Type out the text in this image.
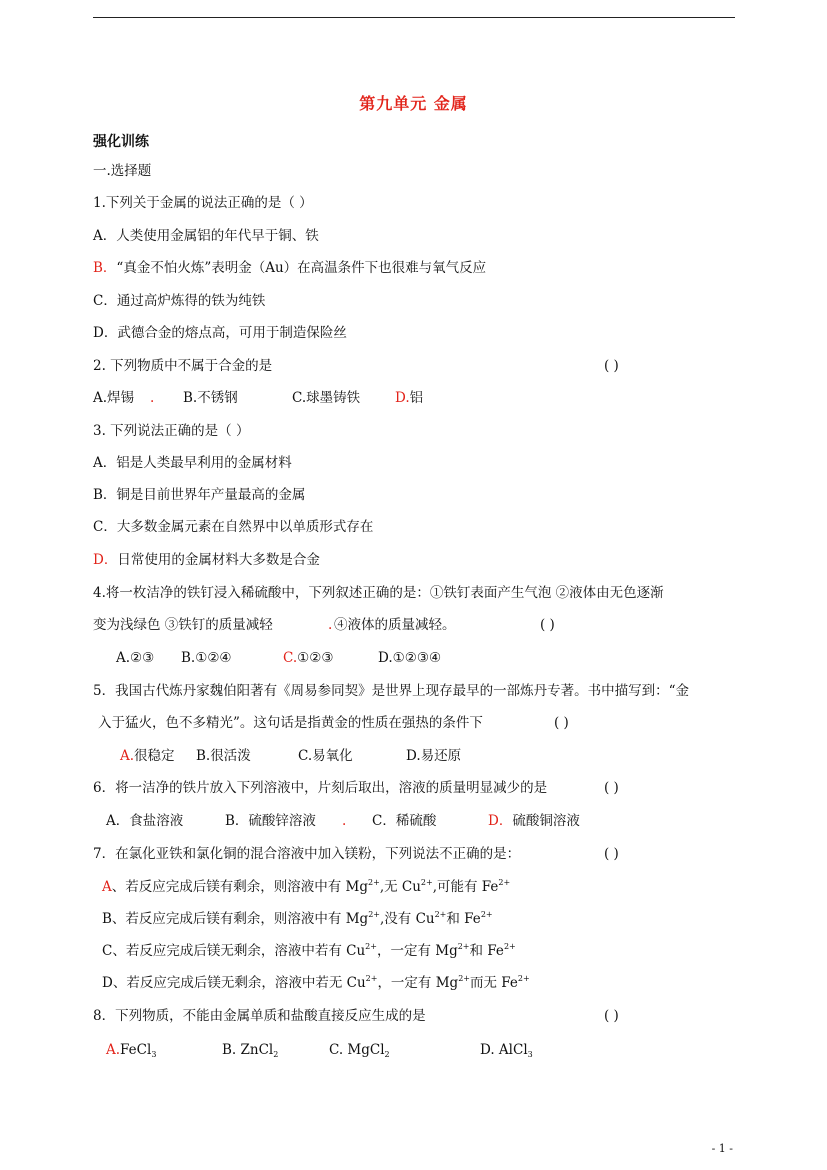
第九单元 金属
强化训练
一.选择题
1.下列关于金属的说法正确的是（ ）
A．人类使用金属铝的年代早于铜、铁
B．“真金不怕火炼”表明金（Au）在高温条件下也很难与氧气反应
C．通过高炉炼得的铁为纯铁
D．武德合金的熔点高，可用于制造保险丝
2. 下列物质中不属于合金的是	( )
A.焊锡 . B.不锈钢	C.球墨铸铁	D.铝
3. 下列说法正确的是（ ）
A．铝是人类最早利用的金属材料
B．铜是目前世界年产量最高的金属
C．大多数金属元素在自然界中以单质形式存在
D．日常使用的金属材料大多数是合金
4.将一枚洁净的铁钉浸入稀硫酸中，下列叙述正确的是：①铁钉表面产生气泡 ②液体由无色逐渐
变为浅绿色 ③铁钉的质量减轻	. ④液体的质量减轻。	( )
A.②③ B.①②④	C.①②③	D.①②③④
5．我国古代炼丹家魏伯阳著有《周易参同契》是世界上现存最早的一部炼丹专著。书中描写到：“金
入于猛火，色不多精光”。这句话是指黄金的性质在强热的条件下	( )
A.很稳定 B.很活泼	C.易氧化	D.易还原
6．将一洁净的铁片放入下列溶液中，片刻后取出，溶液的质量明显减少的是	( )
A．食盐溶液	B．硫酸锌溶液 . C．稀硫酸	D．硫酸铜溶液
7．在氯化亚铁和氯化铜的混合溶液中加入镁粉，下列说法不正确的是：	( )
A、若反应完成后镁有剩余，则溶液中有 $Mg^{2+}$,无 $Cu^{2+}$,可能有 $Fe^{2+}$
B、若反应完成后镁有剩余，则溶液中有 $Mg^{2+}$,没有 $Cu^{2+}$和 $Fe^{2+}$
C、若反应完成后镁无剩余，溶液中若有 $Cu^{2+}$，一定有 $Mg^{2+}$和 $Fe^{2+}$
D、若反应完成后镁无剩余，溶液中若无 $Cu^{2+}$，一定有 $Mg^{2+}$而无 $Fe^{2+}$
8．下列物质，不能由金属单质和盐酸直接反应生成的是	( )
A.FeCl$_3$	B. ZnCl$_2$	C. MgCl$_2$	D. AlCl$_3$
- 1 -
